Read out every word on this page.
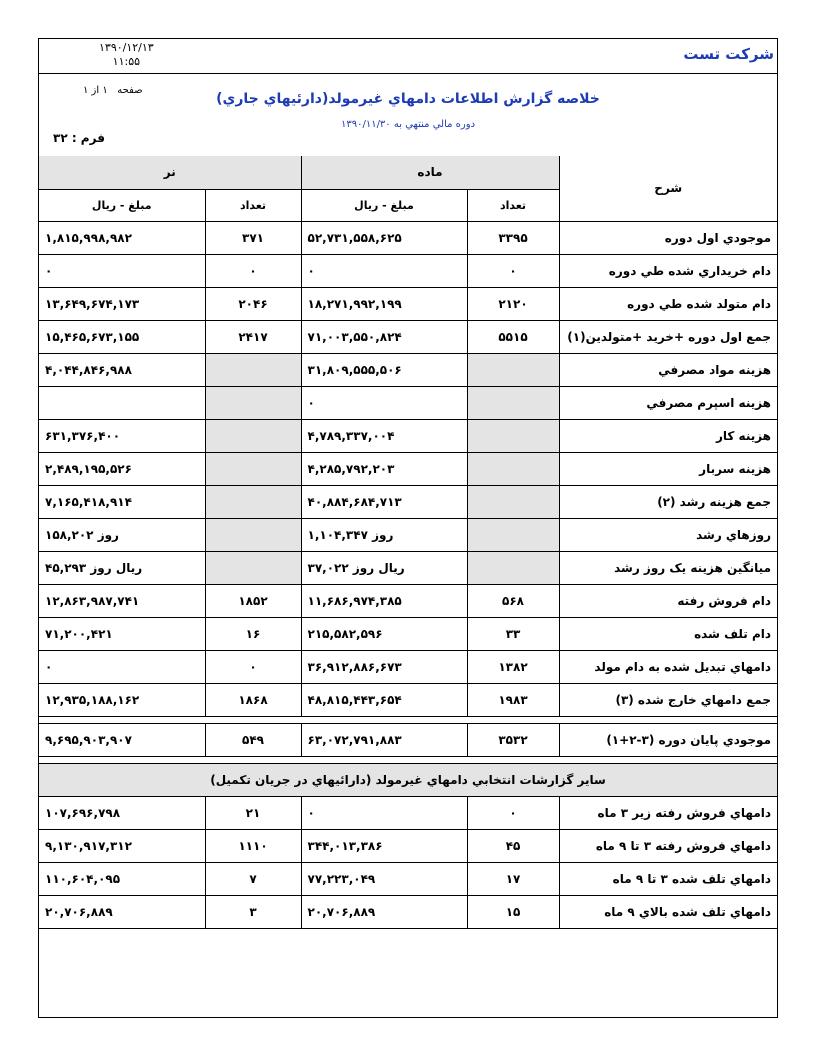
شرکت تست
۱۳۹۰/۱۲/۱۳
۱۱:۵۵
صفحه   ۱ از ۱
خلاصه گزارش اطلاعات دامهاي غيرمولد(دارئيهاي جاري)
دوره مالي منتهي به ۱۳۹۰/۱۱/۳۰
فرم : ۳۲
نر		ماده		شرح
مبلغ - ريال	تعداد	مبلغ - ريال	تعداد	
۱,۸۱۵,۹۹۸,۹۸۲	۳۷۱	۵۲,۷۳۱,۵۵۸,۶۲۵	۳۳۹۵	موجودي اول دوره
۰	۰	۰	۰	دام خريداري شده طي دوره
۱۳,۶۴۹,۶۷۴,۱۷۳	۲۰۴۶	۱۸,۲۷۱,۹۹۲,۱۹۹	۲۱۲۰	دام متولد شده طي دوره
۱۵,۴۶۵,۶۷۳,۱۵۵	۲۴۱۷	۷۱,۰۰۳,۵۵۰,۸۲۴	۵۵۱۵	جمع اول دوره +خريد +متولدين(۱)
۴,۰۴۴,۸۴۶,۹۸۸		۳۱,۸۰۹,۵۵۵,۵۰۶		هزينه مواد مصرفي
		۰		هزينه اسپرم مصرفي
۶۳۱,۳۷۶,۴۰۰		۴,۷۸۹,۳۳۷,۰۰۴		هزينه کار
۲,۴۸۹,۱۹۵,۵۲۶		۴,۲۸۵,۷۹۲,۲۰۳		هزينه سربار
۷,۱۶۵,۴۱۸,۹۱۴		۴۰,۸۸۴,۶۸۴,۷۱۳		جمع هزينه رشد (۲)
۱۵۸,۲۰۲ روز		۱,۱۰۴,۳۴۷ روز		روزهاي رشد
۴۵,۲۹۳ ريال روز		۳۷,۰۲۲ ريال روز		ميانگين هزينه يک روز رشد
۱۲,۸۶۳,۹۸۷,۷۴۱	۱۸۵۲	۱۱,۶۸۶,۹۷۴,۳۸۵	۵۶۸	دام فروش رفته
۷۱,۲۰۰,۴۲۱	۱۶	۲۱۵,۵۸۲,۵۹۶	۳۳	دام تلف شده
۰	۰	۳۶,۹۱۲,۸۸۶,۶۷۳	۱۳۸۲	دامهاي تبديل شده به دام مولد
۱۲,۹۳۵,۱۸۸,۱۶۲	۱۸۶۸	۴۸,۸۱۵,۴۴۳,۶۵۴	۱۹۸۳	جمع دامهاي خارج شده (۳)

۹,۶۹۵,۹۰۳,۹۰۷	۵۴۹	۶۳,۰۷۲,۷۹۱,۸۸۳	۳۵۳۲	موجودي پايان دوره (۳-۲+۱)

ساير گزارشات انتخابي دامهاي غيرمولد (دارائيهاي در جريان تکميل)				
۱۰۷,۶۹۶,۷۹۸	۲۱	۰	۰	دامهاي فروش رفته زير ۳ ماه
۹,۱۳۰,۹۱۷,۳۱۲	۱۱۱۰	۳۴۴,۰۱۳,۳۸۶	۴۵	دامهاي فروش رفته ۳ تا ۹ ماه
۱۱۰,۶۰۴,۰۹۵	۷	۷۷,۲۲۳,۰۴۹	۱۷	دامهاي تلف شده ۳ تا ۹ ماه
۲۰,۷۰۶,۸۸۹	۳	۲۰,۷۰۶,۸۸۹	۱۵	دامهاي تلف شده بالاي ۹ ماه
